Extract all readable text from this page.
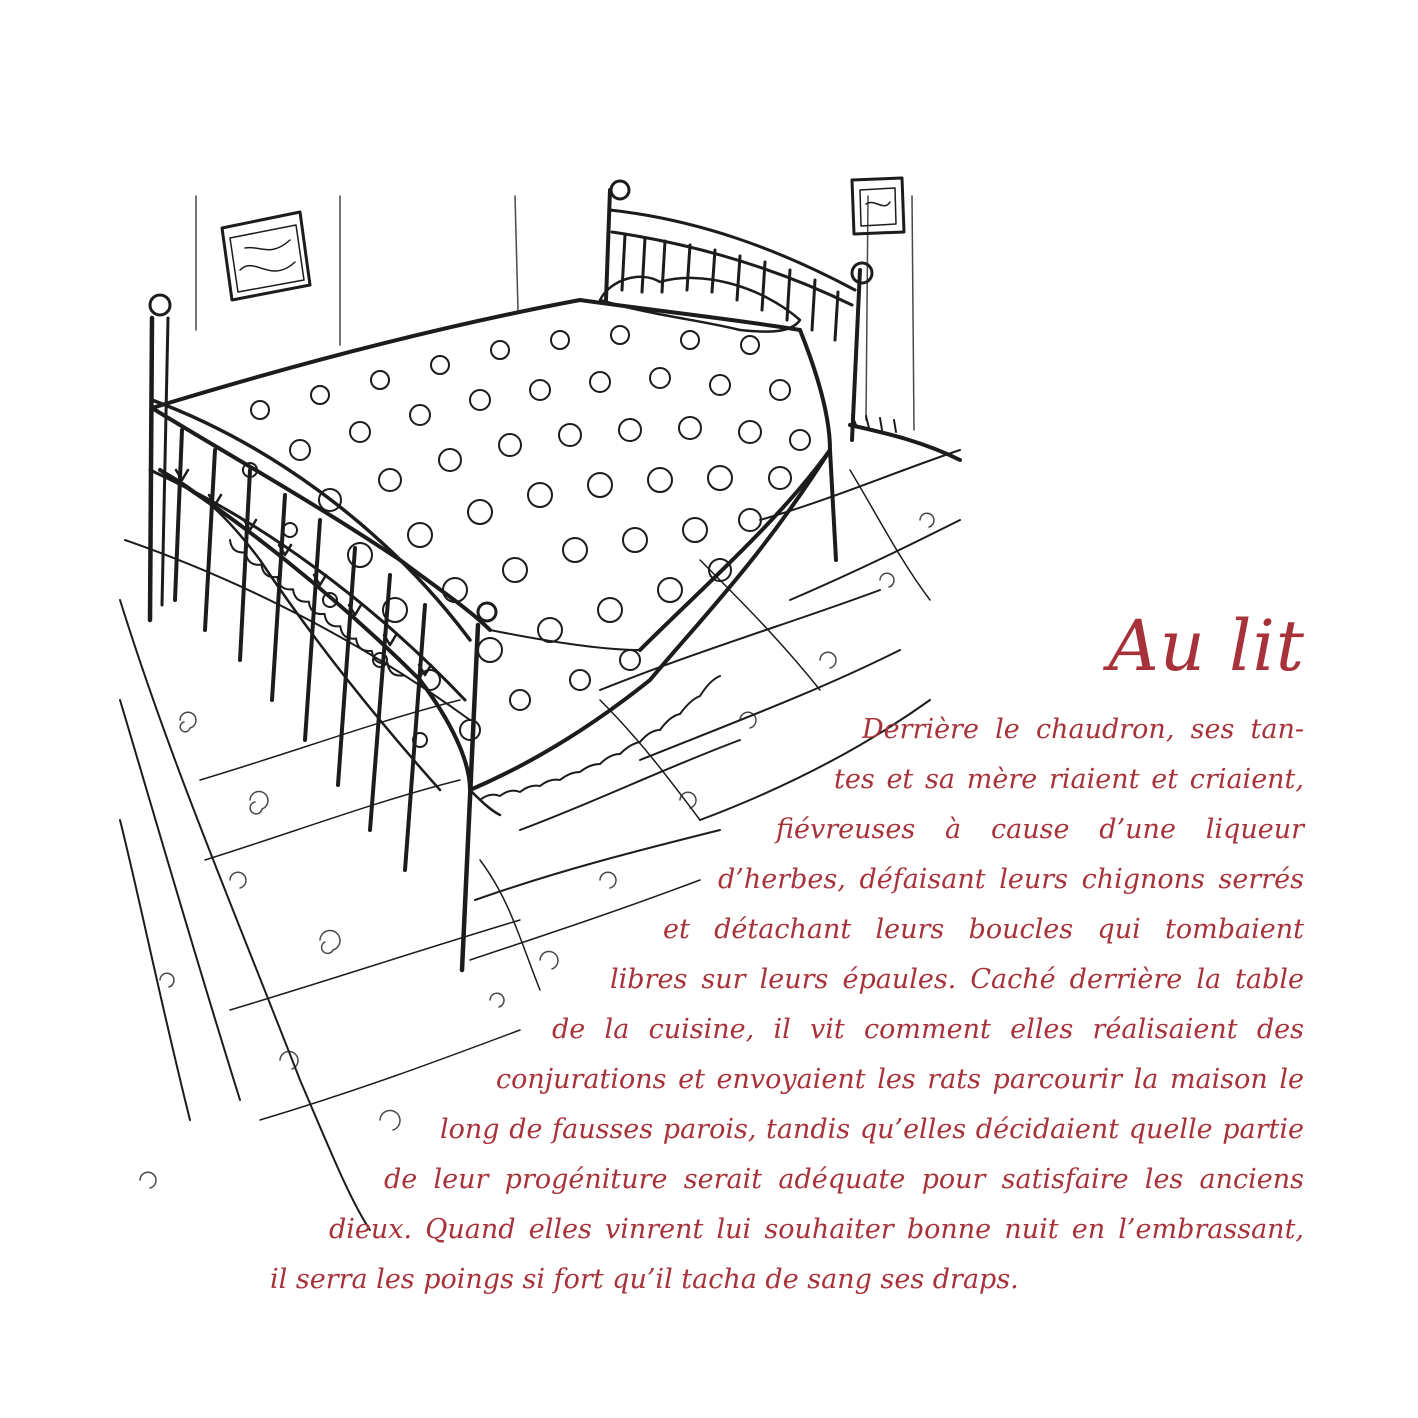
Au lit
Derrière le chaudron, ses tan-
tes et sa mère riaient et criaient,
fiévreuses à cause d’une liqueur
d’herbes, défaisant leurs chignons serrés
et détachant leurs boucles qui tombaient
libres sur leurs épaules. Caché derrière la table
de la cuisine, il vit comment elles réalisaient des
conjurations et envoyaient les rats parcourir la maison le
long de fausses parois, tandis qu’elles décidaient quelle partie
de leur progéniture serait adéquate pour satisfaire les anciens
dieux. Quand elles vinrent lui souhaiter bonne nuit en l’embrassant,
il serra les poings si fort qu’il tacha de sang ses draps.
